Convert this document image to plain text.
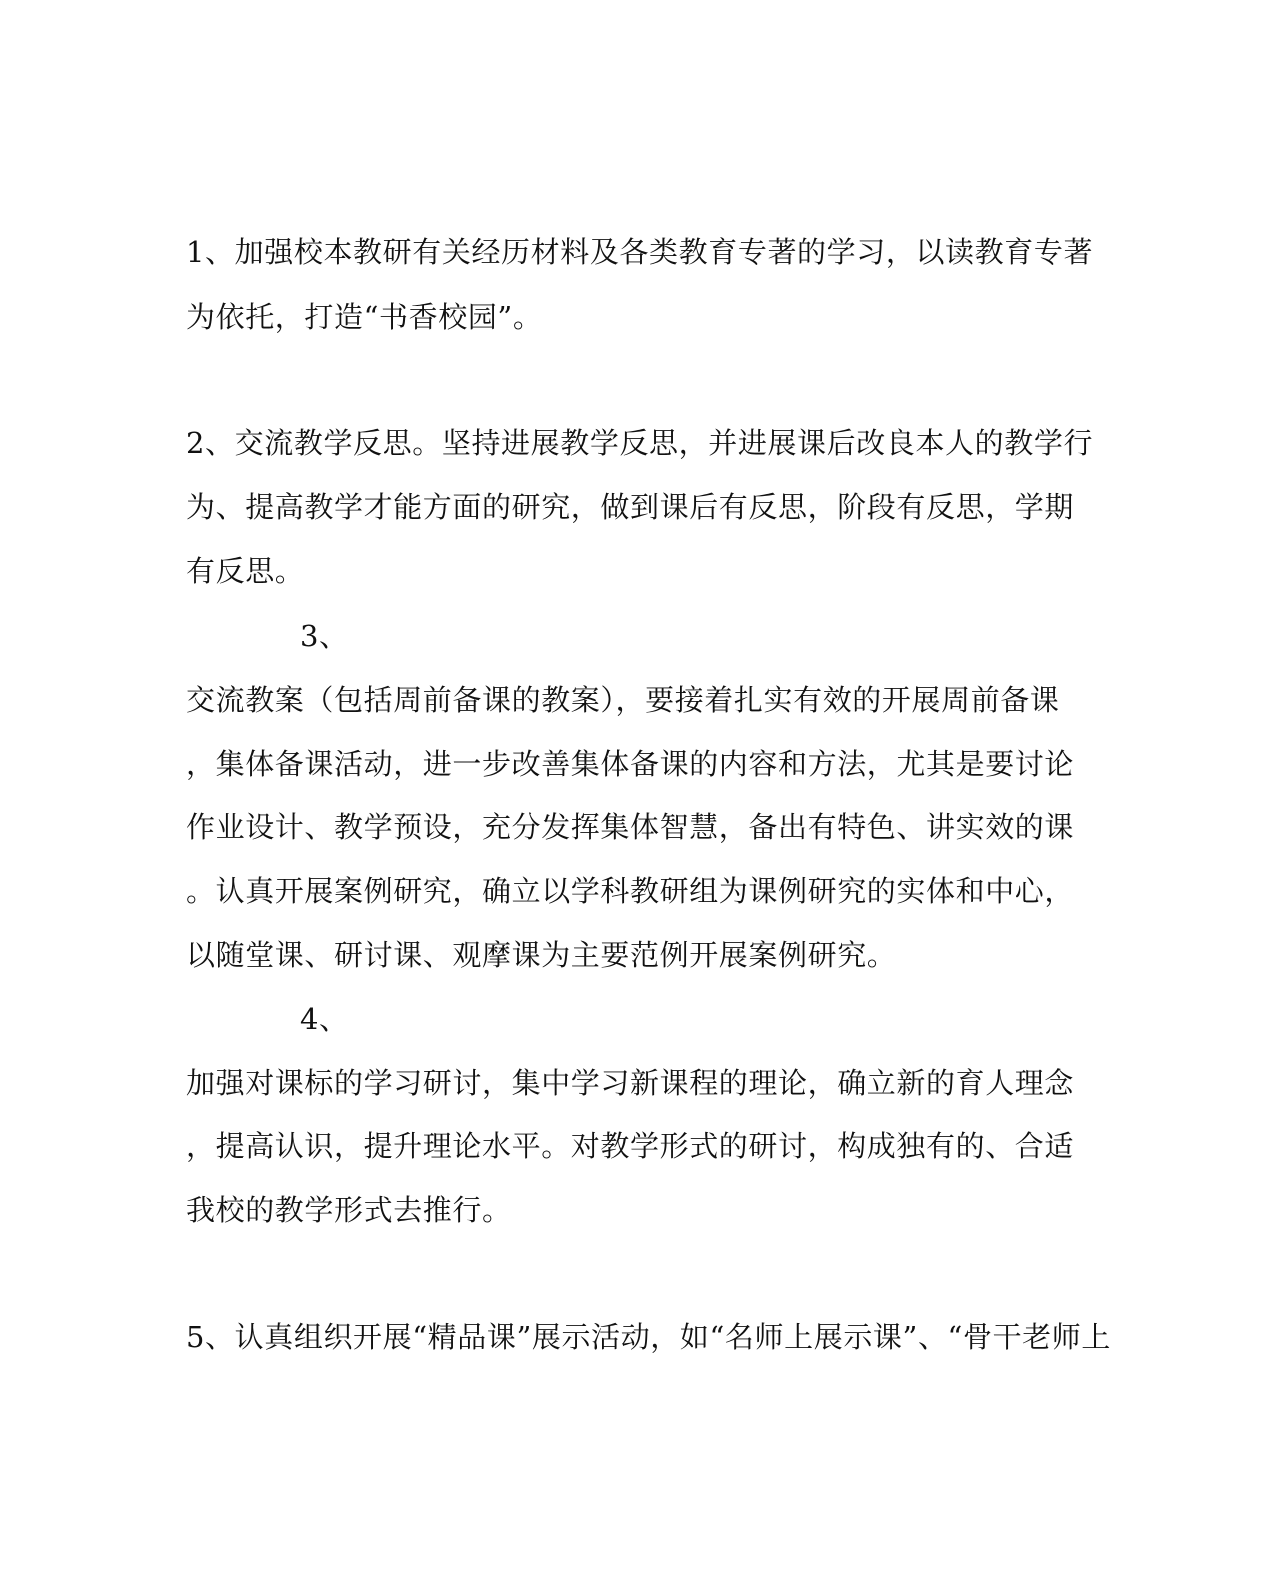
1、加强校本教研有关经历材料及各类教育专著的学习，以读教育专著
为依托，打造“书香校园”。
2、交流教学反思。坚持进展教学反思，并进展课后改良本人的教学行
为、提高教学才能方面的研究，做到课后有反思，阶段有反思，学期
有反思。
3、
交流教案（包括周前备课的教案），要接着扎实有效的开展周前备课
，集体备课活动，进一步改善集体备课的内容和方法，尤其是要讨论
作业设计、教学预设，充分发挥集体智慧，备出有特色、讲实效的课
。认真开展案例研究，确立以学科教研组为课例研究的实体和中心，
以随堂课、研讨课、观摩课为主要范例开展案例研究。
4、
加强对课标的学习研讨，集中学习新课程的理论，确立新的育人理念
，提高认识，提升理论水平。对教学形式的研讨，构成独有的、合适
我校的教学形式去推行。
5、认真组织开展“精品课”展示活动，如“名师上展示课”、“骨干老师上
